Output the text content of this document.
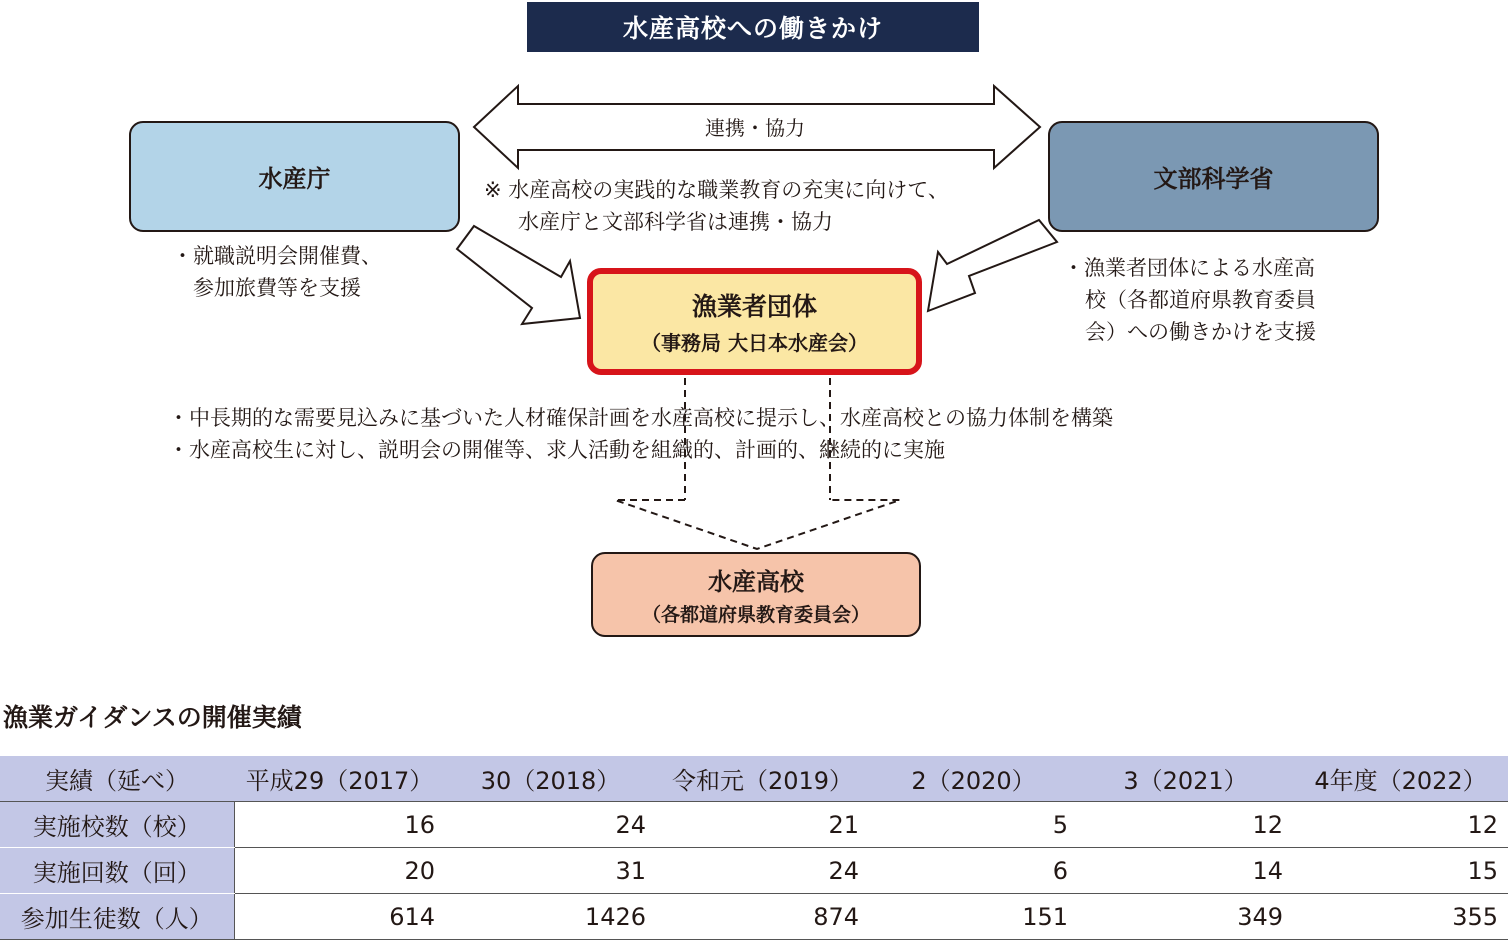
水産高校への働きかけ
水産庁	文部科学省
連携・協力
※ 水産高校の実践的な職業教育の充実に向けて、
水産庁と文部科学省は連携・協力
・就職説明会開催費、
参加旅費等を支援
・漁業者団体による水産高
校（各都道府県教育委員
会）への働きかけを支援
漁業者団体
（事務局 大日本水産会）
・中長期的な需要見込みに基づいた人材確保計画を水産高校に提示し、水産高校との協力体制を構築
・水産高校生に対し、説明会の開催等、求人活動を組織的、計画的、継続的に実施
水産高校
（各都道府県教育委員会）
漁業ガイダンスの開催実績
実績（延べ）	平成29（2017）	30（2018）	令和元（2019）	2（2020）	3（2021）	4年度（2022）
実施校数（校）	16	24	21	5	12	12
実施回数（回）	20	31	24	6	14	15
参加生徒数（人）	614	1426	874	151	349	355
